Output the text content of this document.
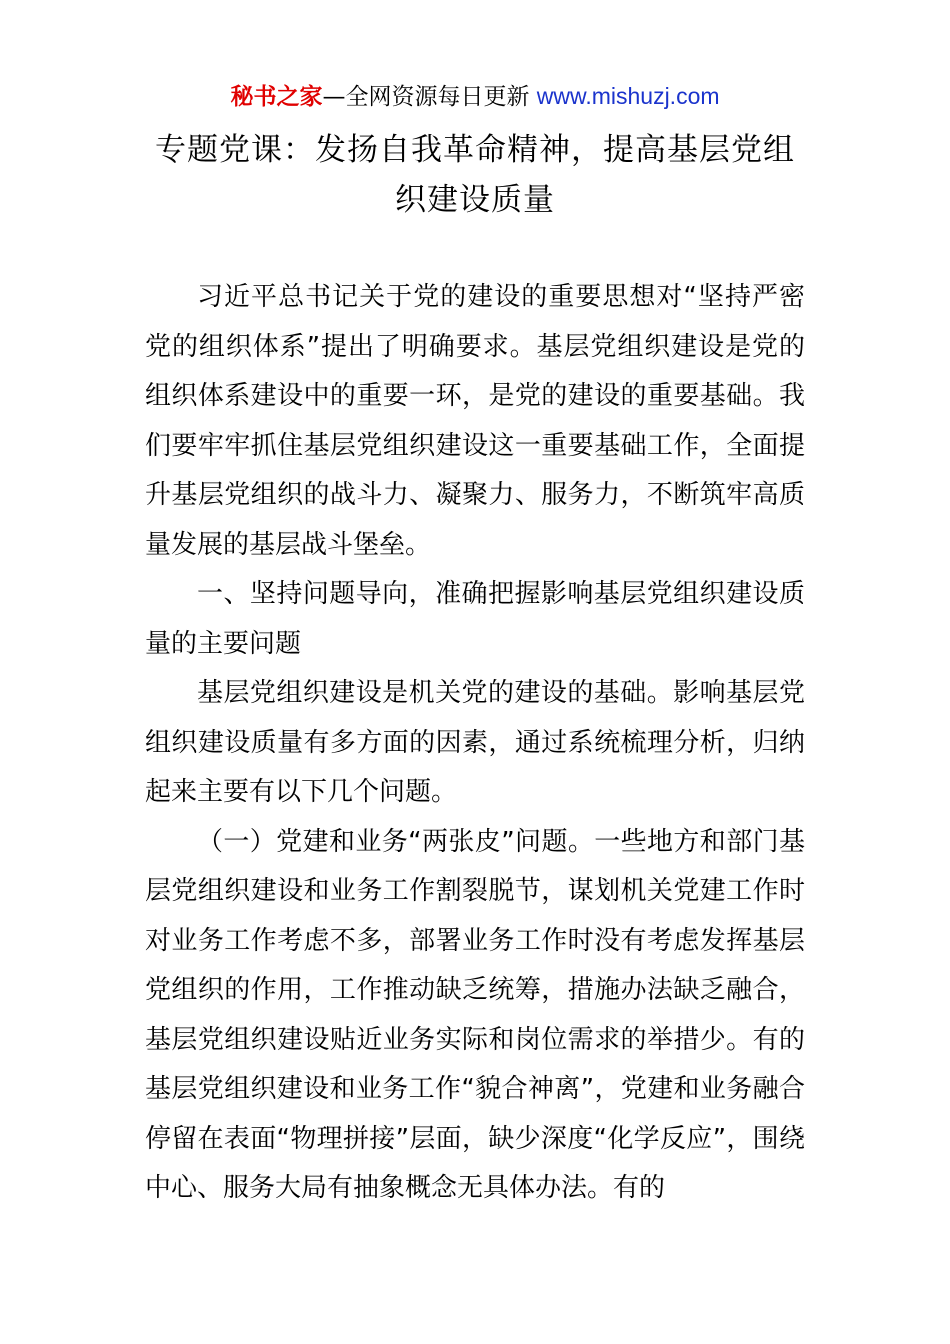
秘书之家—全网资源每日更新 www.mishuzj.com
专题党课：发扬自我革命精神，提高基层党组织建设质量

习近平总书记关于党的建设的重要思想对“坚持严密党的组织体系”提出了明确要求。基层党组织建设是党的组织体系建设中的重要一环，是党的建设的重要基础。我们要牢牢抓住基层党组织建设这一重要基础工作，全面提升基层党组织的战斗力、凝聚力、服务力，不断筑牢高质量发展的基层战斗堡垒。

一、坚持问题导向，准确把握影响基层党组织建设质量的主要问题

基层党组织建设是机关党的建设的基础。影响基层党组织建设质量有多方面的因素，通过系统梳理分析，归纳起来主要有以下几个问题。

（一）党建和业务“两张皮”问题。一些地方和部门基层党组织建设和业务工作割裂脱节，谋划机关党建工作时对业务工作考虑不多，部署业务工作时没有考虑发挥基层党组织的作用，工作推动缺乏统筹，措施办法缺乏融合，基层党组织建设贴近业务实际和岗位需求的举措少。有的基层党组织建设和业务工作“貌合神离”，党建和业务融合停留在表面“物理拼接”层面，缺少深度“化学反应”，围绕中心、服务大局有抽象概念无具体办法。有的
